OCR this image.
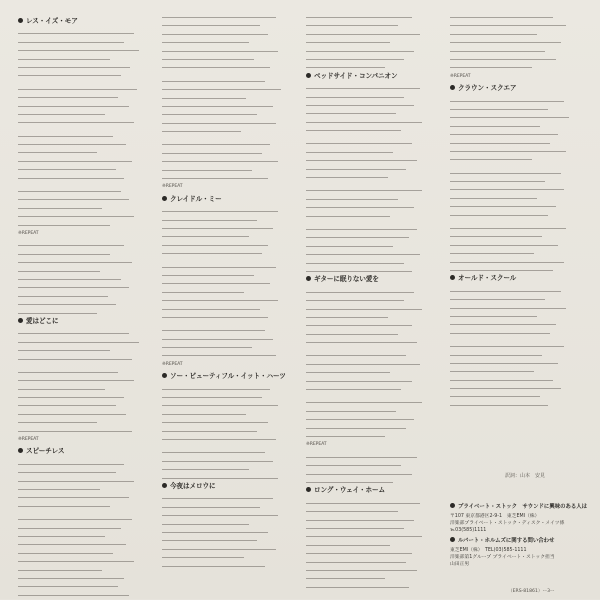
レス・イズ・モア
※REPEAT
愛はどこに
※REPEAT
スピーチレス
※REPEAT
クレイドル・ミー
※REPEAT
ソー・ビューティフル・イット・ハーツ
今夜はメロウに
ベッドサイド・コンパニオン
ギターに眠りない愛を
※REPEAT
ロング・ウェイ・ホーム
※REPEAT
クラウン・スクエア
オールド・スクール
訳詞：山本　安見
プライベート・ストック　サウンドに興味のある人は
〒107 東京都港区2-9-1　東芝EMI（株）
洋楽部プライベート・ストック・ディスク・メイツ係
℡03(585)1111
ルパート・ホルムズに関する問い合わせ
東芝EMI（株）　TEL(03)585-1111
洋楽部第1グループ プライベート・ストック担当
山田正男
（ERS-81861）ー3ー
